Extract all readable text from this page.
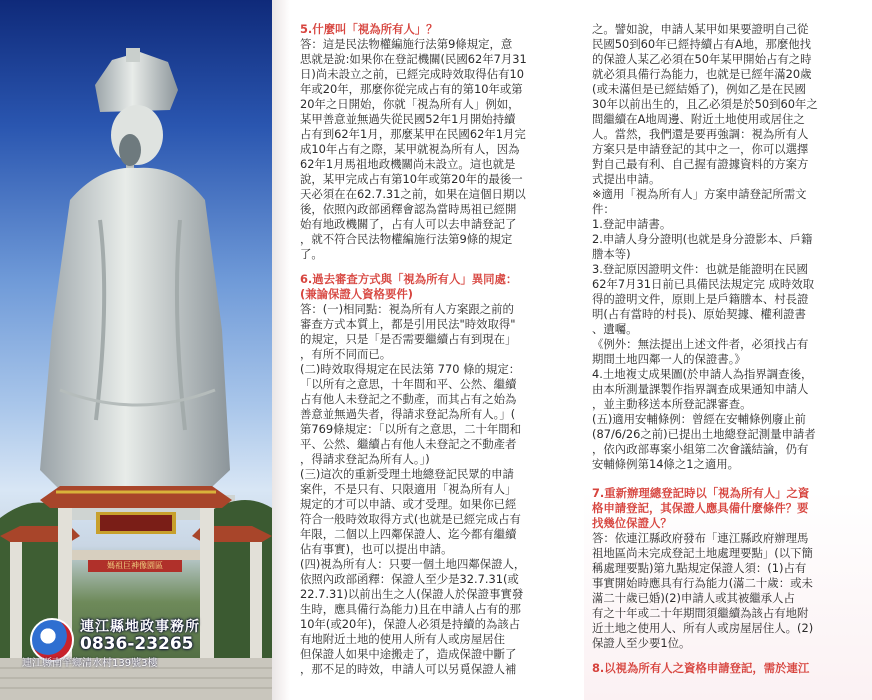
媽祖巨神像園區
連江縣地政事務所
0836-23265
連江縣南竿鄉清水村139號3樓

5.什麼叫「視為所有人」？

答：這是民法物權編施行法第9條規定，意

思就是說:如果你在登記機關(民國62年7月31

日)尚未設立之前，已經完成時效取得佔有10

年或20年，那麼你從完成占有的第10年或第

20年之日開始，你就「視為所有人」例如，

某甲善意並無過失從民國52年1月開始持續

占有到62年1月，那麼某甲在民國62年1月完

成10年占有之際，某甲就視為所有人，因為

62年1月馬祖地政機關尚未設立。這也就是

說，某甲完成占有第10年或第20年的最後一

天必須在在62.7.31之前，如果在這個日期以

後，依照內政部函釋會認為當時馬祖已經開

始有地政機關了，占有人可以去申請登記了

，就不符合民法物權編施行法第9條的規定

了。

6.過去審查方式與「視為所有人」異同處：

(兼論保證人資格要件)

答：(一)相同點：視為所有人方案跟之前的

審查方式本質上，都是引用民法"時效取得"

的規定，只是「是否需要繼續占有到現在」

，有所不同而已。

(二)時效取得規定在民法第 770 條的規定：

「以所有之意思，十年間和平、公然、繼續

占有他人未登記之不動產，而其占有之始為

善意並無過失者，得請求登記為所有人。」(

第769條規定：「以所有之意思，二十年間和

平、公然、繼續占有他人未登記之不動產者

，得請求登記為所有人。」)

(三)這次的重新受理土地總登記民眾的申請

案件，不是只有、只限適用「視為所有人」

規定的才可以申請、或才受理。如果你已經

符合一般時效取得方式(也就是已經完成占有

年限，二個以上四鄰保證人、迄今都有繼續

佔有事實)，也可以提出申請。

(四)視為所有人：只要一個土地四鄰保證人，

依照內政部函釋：保證人至少是32.7.31(或

22.7.31)以前出生之人(保證人於保證事實發

生時，應具備行為能力)且在申請人占有的那

10年(或20年)，保證人必須是持續的為該占

有地附近土地的使用人所有人或房屋居住

但保證人如果中途搬走了，造成保證中斷了

，那不足的時效，申請人可以另覓保證人補

之。譬如說，申請人某甲如果要證明自己從

民國50到60年已經持續占有A地，那麼他找

的保證人某乙必須在50年某甲開始占有之時

就必須具備行為能力，也就是已經年滿20歲

(或未滿但是已經結婚了)，例如乙是在民國

30年以前出生的，且乙必須是於50到60年之

間繼續在A地周邊、附近土地使用或居住之

人。當然，我們還是要再強調：視為所有人

方案只是申請登記的其中之一，你可以選擇

對自己最有利、自己握有證據資料的方案方

式提出申請。

※適用「視為所有人」方案申請登記所需文

件：

1.登記申請書。

2.申請人身分證明(也就是身分證影本、戶籍

謄本等)

3.登記原因證明文件：也就是能證明在民國

62年7月31日前已具備民法規定完 成時效取

得的證明文件，原則上是戶籍謄本、村長證

明(占有當時的村長)、原始契據、權利證書

、遺囑。

《例外：無法提出上述文件者，必須找占有

期間土地四鄰一人的保證書。》

4.土地複丈成果圖(於申請人為指界調查後，

由本所測量課製作指界調查成果通知申請人

，並主動移送本所登記課審查。

(五)適用安輔條例：曾經在安輔條例廢止前

(87/6/26之前)已提出土地總登記測量申請者

，依內政部專案小組第二次會議結論，仍有

安輔條例第14條之1之適用。

7.重新辦理總登記時以「視為所有人」之資

格申請登記，其保證人應具備什麼條件？要

找幾位保證人？

答：依連江縣政府發布「連江縣政府辦理馬

祖地區尚未完成登記土地處理要點」(以下簡

稱處理要點)第九點規定保證人須：(1)占有

事實開始時應具有行為能力(滿二十歲：或未

滿二十歲已婚)(2)申請人或其被繼承人占

有之十年或二十年期間須繼續為該占有地附

近土地之使用人、所有人或房屋居住人。(2)

保證人至少要1位。

8.以視為所有人之資格申請登記，需於連江
